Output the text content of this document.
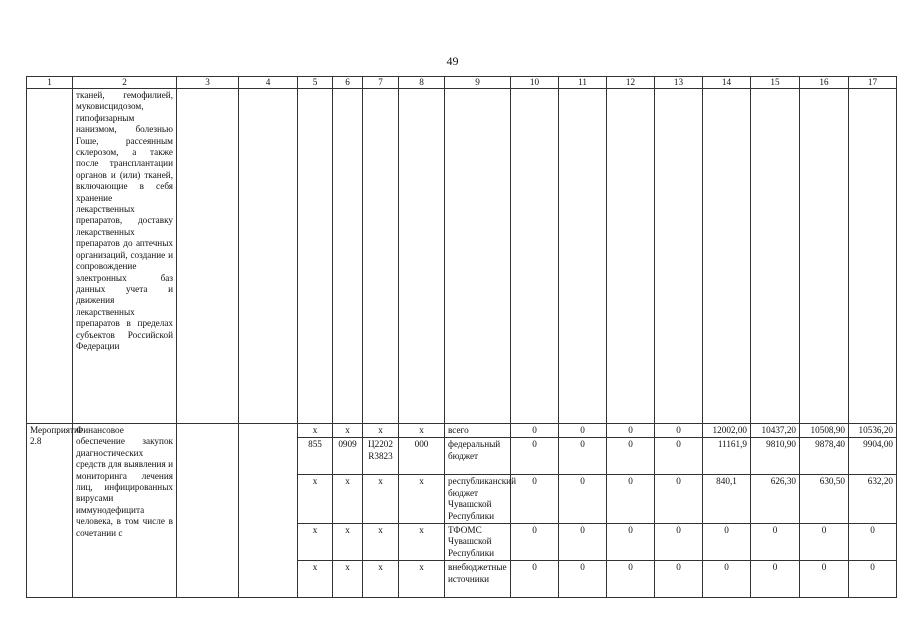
49
1	2	3	4	5	6	7	8	9	10	11	12	13	14	15	16	17
	тканей, гемофилией, муковисцидозом, гипофизарным нанизмом, болезнью Гоше, рассеянным склерозом, а также после трансплантации органов и (или) тканей, включающие в себя хранение лекарственных препаратов, доставку лекарственных препаратов до аптечных организаций, создание и сопровождение электронных баз данных учета и движения лекарственных препаратов в пределах субъектов Российской Федерации															
Мероприятие 2.8	Финансовое обеспечение закупок диагностических средств для выявления и мониторинга лечения лиц, инфицированных вирусами иммунодефицита человека, в том числе в сочетании с			х	х	х	х	всего	0	0	0	0	12002,00	10437,20	10508,90	10536,20
				855	0909	Ц2202R3823	000	федеральный бюджет	0	0	0	0	11161,9	9810,90	9878,40	9904,00
				х	х	х	х	республиканский бюджет Чувашской Республики	0	0	0	0	840,1	626,30	630,50	632,20
				х	х	х	х	ТФОМС Чувашской Республики	0	0	0	0	0	0	0	0
				х	х	х	х	внебюджетные источники	0	0	0	0	0	0	0	0
